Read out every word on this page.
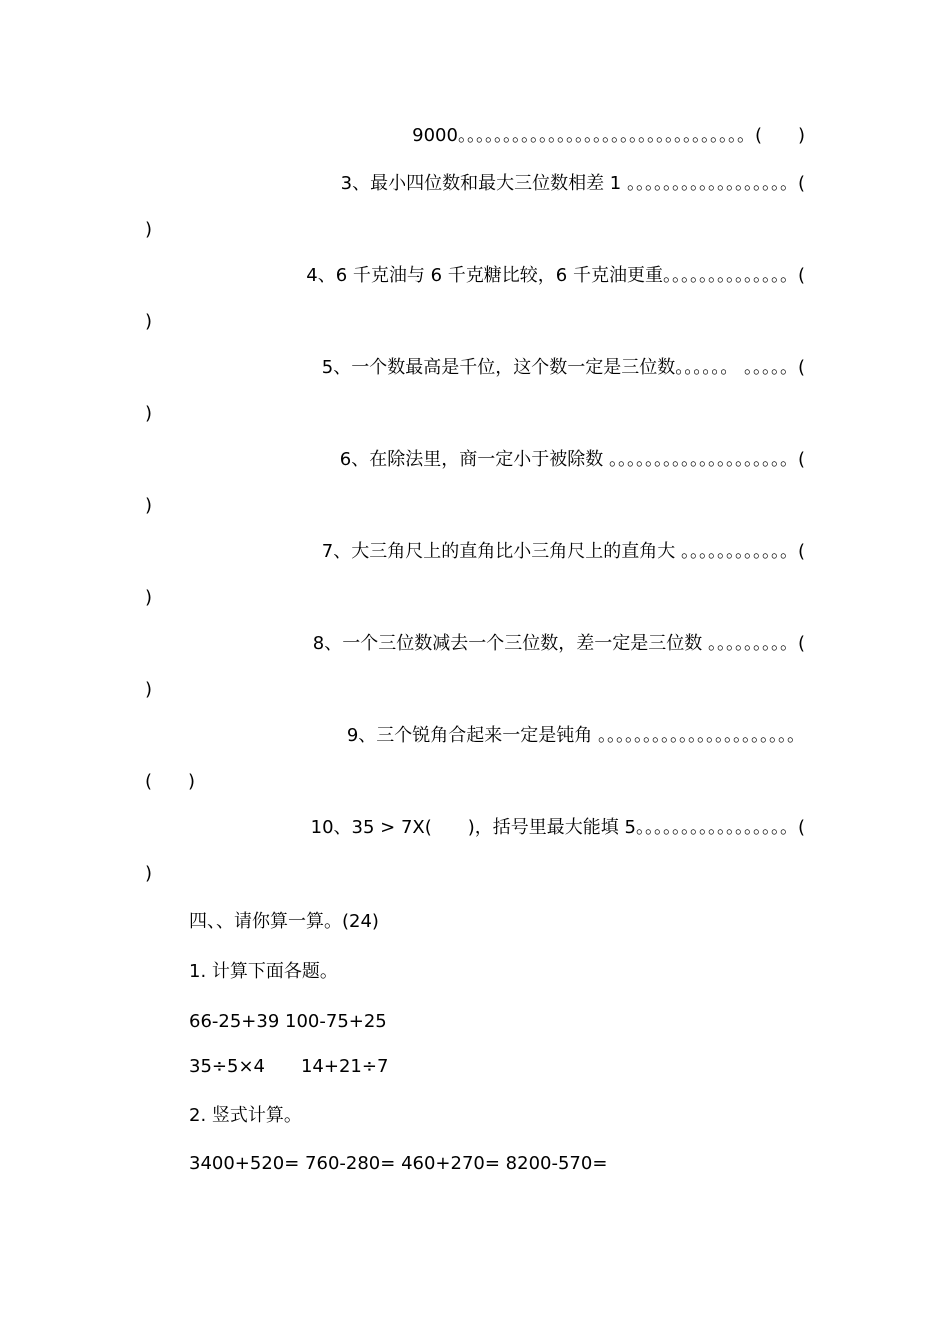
9000。。。。。。。。。。。。。。。。。。。。。。。。。。。。。。。。(　　)
3、最小四位数和最大三位数相差 1 。。。。。。。。。。。。。。。。。。(
)
4、6 千克油与 6 千克糖比较，6 千克油更重。。。。。。。。。。。。。。(
)
5、一个数最高是千位，这个数一定是三位数。。。。。。 。。。。。(
)
6、在除法里，商一定小于被除数 。。。。。。。。。。。。。。。。。。。。(
)
7、大三角尺上的直角比小三角尺上的直角大 。。。。。。。。。。。。(
)
8、一个三位数减去一个三位数，差一定是三位数 。。。。。。。。。(
)
9、三个锐角合起来一定是钝角 。。。。。。。。。。。。。。。。。。。。。。
(　　)
10、35 > 7X(　　)，括号里最大能填 5。。。。。。。。。。。。。。。。。(
)
四、、请你算一算。(24)
1. 计算下面各题。
66-25+39 100-75+25
35÷5×4　　14+21÷7
2. 竖式计算。
3400+520= 760-280= 460+270= 8200-570=
